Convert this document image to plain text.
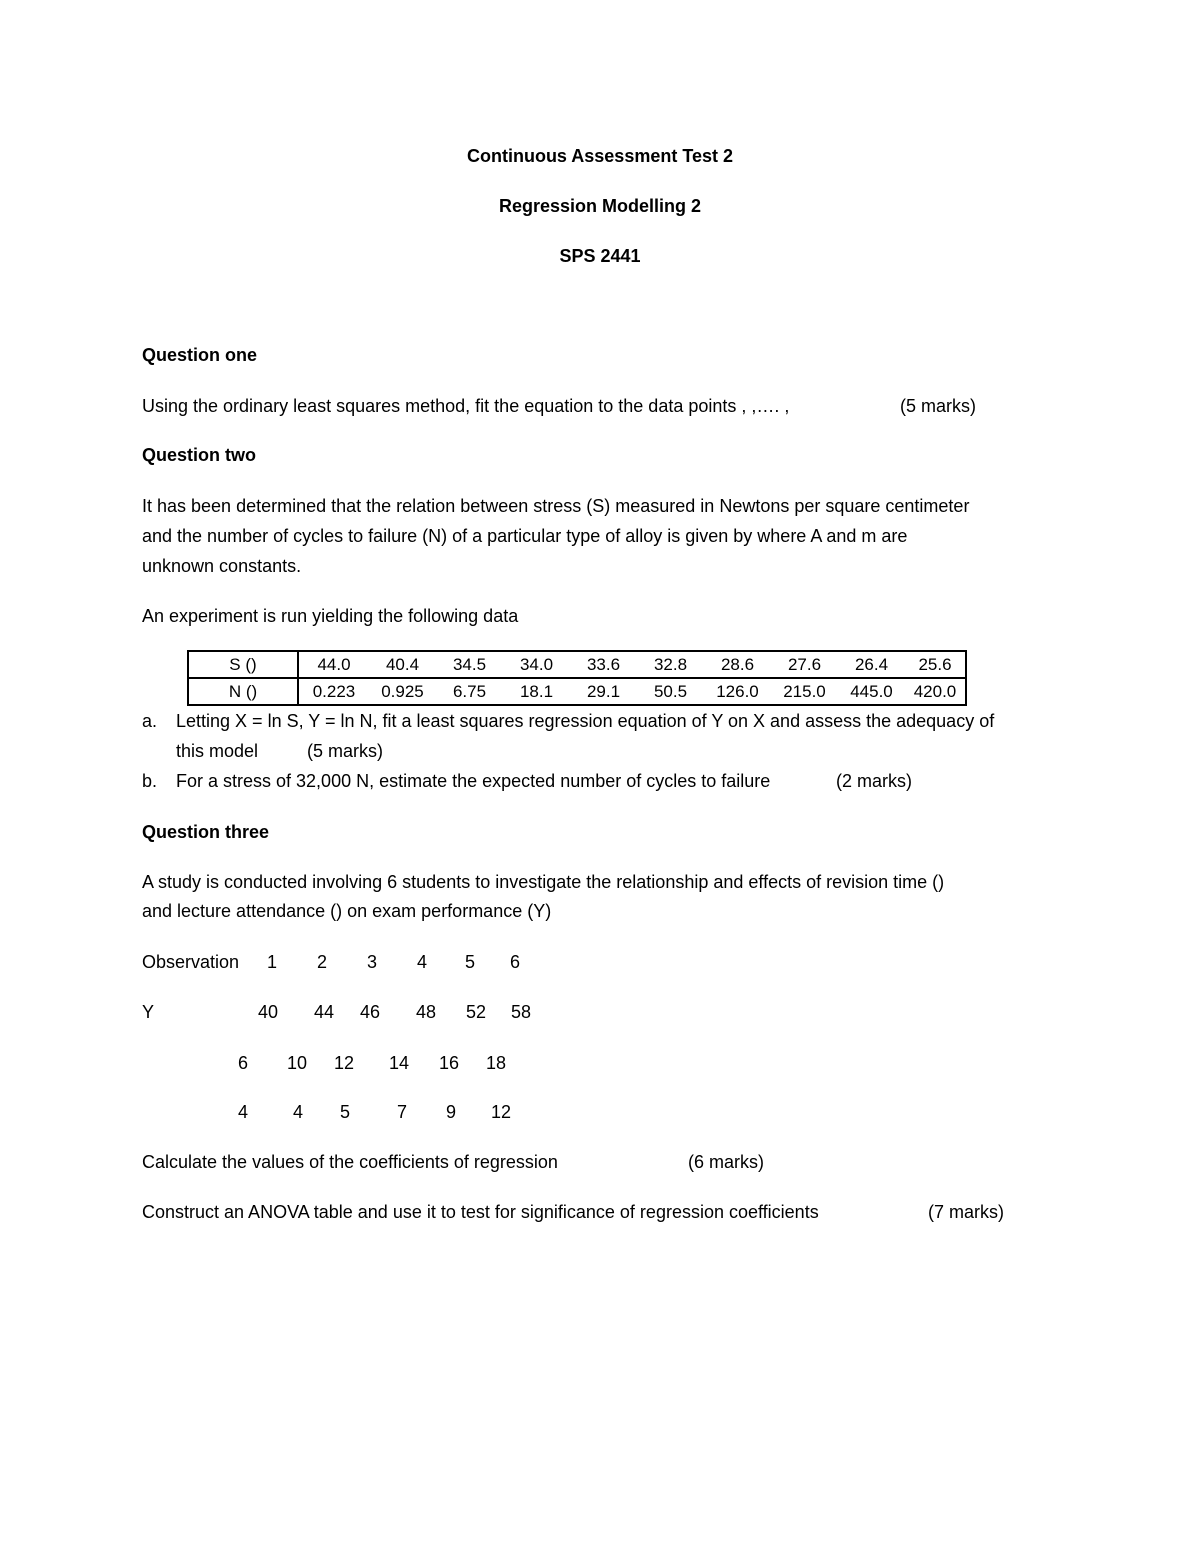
Continuous Assessment Test 2
Regression Modelling 2
SPS 2441
Question one
Using the ordinary least squares method, fit the equation to the data points , ,…. ,	(5 marks)
Question two
It has been determined that the relation between stress (S) measured in Newtons per square centimeter
and the number of cycles to failure (N) of a particular type of alloy is given by where A and m are
unknown constants.
An experiment is run yielding the following data
S ()	44.0	40.4	34.5	34.0	33.6	32.8	28.6	27.6	26.4	25.6
N ()	0.223	0.925	6.75	18.1	29.1	50.5	126.0	215.0	445.0	420.0
a. Letting X = ln S, Y = ln N, fit a least squares regression equation of Y on X and assess the adequacy of
this model	(5 marks)
b. For a stress of 32,000 N, estimate the expected number of cycles to failure	(2 marks)
Question three
A study is conducted involving 6 students to investigate the relationship and effects of revision time ()
and lecture attendance () on exam performance (Y)
Observation 1 2 3 4 5 6
Y	40 44 46 48 52 58
6 10 12 14 16 18
4 4 5	7 9 12
Calculate the values of the coefficients of regression	(6 marks)
Construct an ANOVA table and use it to test for significance of regression coefficients	(7 marks)
